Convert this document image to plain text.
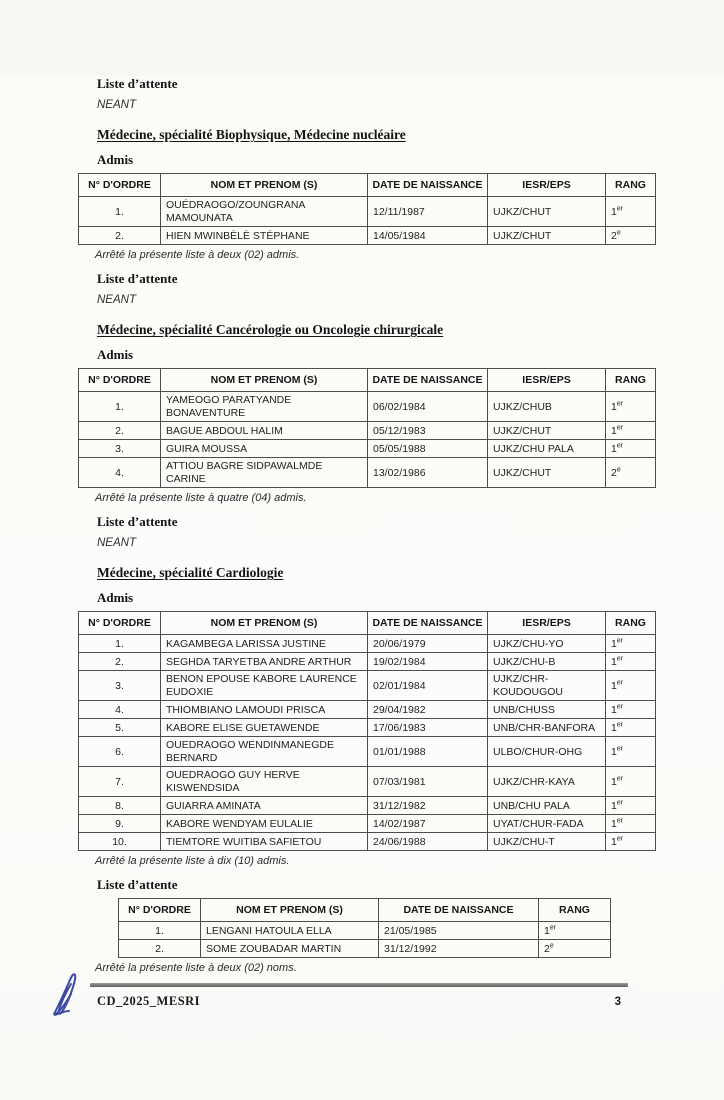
Liste d’attente
NEANT
Médecine, spécialité Biophysique, Médecine nucléaire
Admis
N° D'ORDRE	NOM ET PRENOM (S)	DATE DE NAISSANCE	IESR/EPS	RANG
1.	OUÉDRAOGO/ZOUNGRANA MAMOUNATA	12/11/1987	UJKZ/CHUT	1er
2.	HIEN MWINBÈLÈ STÉPHANE	14/05/1984	UJKZ/CHUT	2e
Arrêté la présente liste à deux (02) admis.
Liste d’attente
NEANT
Médecine, spécialité Cancérologie ou Oncologie chirurgicale
Admis
N° D'ORDRE	NOM ET PRENOM (S)	DATE DE NAISSANCE	IESR/EPS	RANG
1.	YAMEOGO PARATYANDE BONAVENTURE	06/02/1984	UJKZ/CHUB	1er
2.	BAGUE ABDOUL HALIM	05/12/1983	UJKZ/CHUT	1er
3.	GUIRA MOUSSA	05/05/1988	UJKZ/CHU PALA	1er
4.	ATTIOU BAGRE SIDPAWALMDE CARINE	13/02/1986	UJKZ/CHUT	2e
Arrêté la présente liste à quatre (04) admis.
Liste d’attente
NEANT
Médecine, spécialité Cardiologie
Admis
N° D'ORDRE	NOM ET PRENOM (S)	DATE DE NAISSANCE	IESR/EPS	RANG
1.	KAGAMBEGA LARISSA JUSTINE	20/06/1979	UJKZ/CHU-YO	1er
2.	SEGHDA TARYETBA ANDRE ARTHUR	19/02/1984	UJKZ/CHU-B	1er
3.	BENON EPOUSE KABORE LAURENCE EUDOXIE	02/01/1984	UJKZ/CHR-KOUDOUGOU	1er
4.	THIOMBIANO LAMOUDI PRISCA	29/04/1982	UNB/CHUSS	1er
5.	KABORE ELISE GUETAWENDE	17/06/1983	UNB/CHR-BANFORA	1er
6.	OUEDRAOGO WENDINMANEGDE BERNARD	01/01/1988	ULBO/CHUR-OHG	1er
7.	OUEDRAOGO GUY HERVE KISWENDSIDA	07/03/1981	UJKZ/CHR-KAYA	1er
8.	GUIARRA AMINATA	31/12/1982	UNB/CHU PALA	1er
9.	KABORE WENDYAM EULALIE	14/02/1987	UYAT/CHUR-FADA	1er
10.	TIEMTORE WUITIBA SAFIETOU	24/06/1988	UJKZ/CHU-T	1er
Arrêté la présente liste à dix (10) admis.
Liste d’attente
N° D'ORDRE	NOM ET PRENOM (S)	DATE DE NAISSANCE	RANG
1.	LENGANI HATOULA ELLA	21/05/1985	1er
2.	SOME ZOUBADAR MARTIN	31/12/1992	2e
Arrêté la présente liste à deux (02) noms.
CD_2025_MESRI	3
